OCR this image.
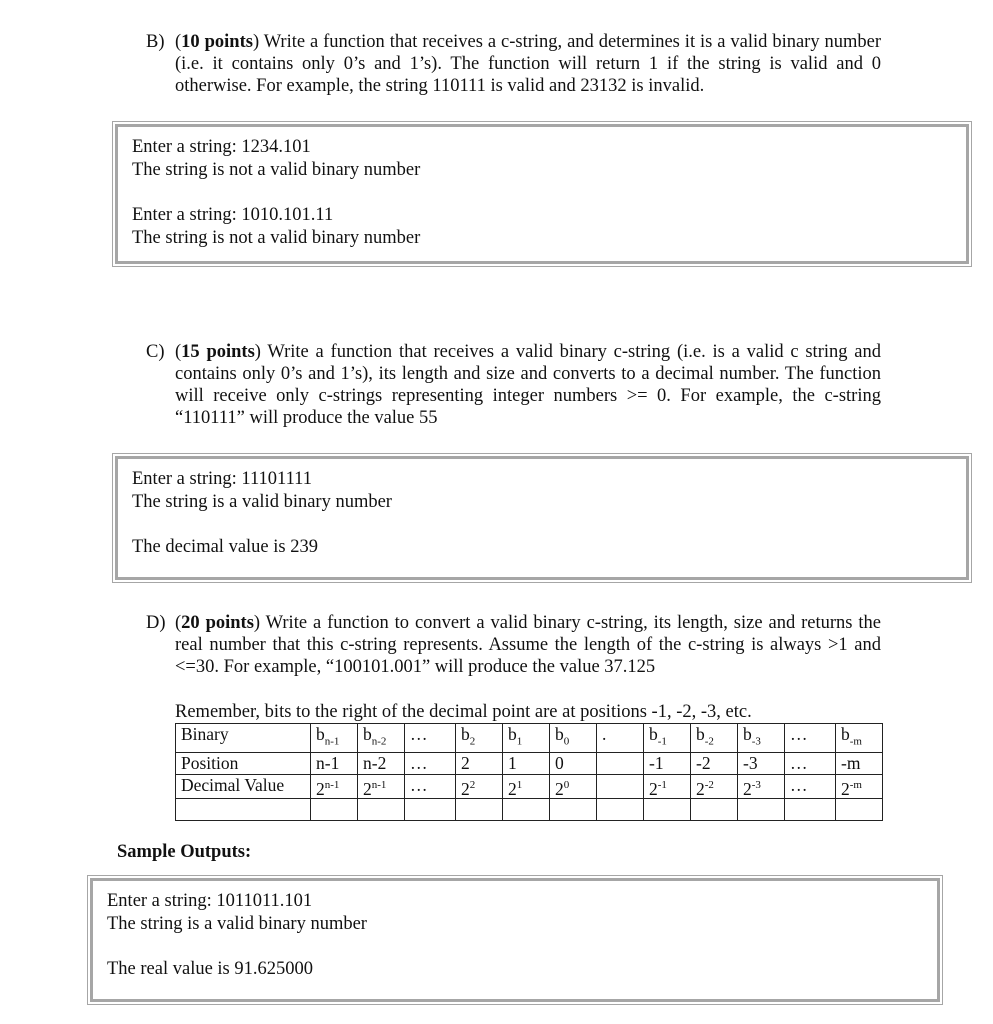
B) (10 points) Write a function that receives a c-string, and determines it is a valid binary number (i.e. it contains only 0’s and 1’s). The function will return 1 if the string is valid and 0 otherwise. For example, the string 110111 is valid and 23132 is invalid.
Enter a string: 1234.101
The string is not a valid binary number
Enter a string: 1010.101.11
The string is not a valid binary number
C) (15 points) Write a function that receives a valid binary c-string (i.e. is a valid c string and contains only 0’s and 1’s), its length and size and converts to a decimal number. The function will receive only c-strings representing integer numbers >= 0. For example, the c-string “110111” will produce the value 55
Enter a string: 11101111
The string is a valid binary number
The decimal value is 239
D) (20 points) Write a function to convert a valid binary c-string, its length, size and returns the real number that this c-string represents. Assume the length of the c-string is always >1 and <=30. For example, “100101.001” will produce the value 37.125
Remember, bits to the right of the decimal point are at positions -1, -2, -3, etc.
Binary	$b_{n-1}$	$b_{n-2}$	…	$b_2$	$b_1$	$b_0$	.	$b_{-1}$	$b_{-2}$	$b_{-3}$	…	$b_{-m}$
Position	n-1	n-2	…	2	1	0		-1	-2	-3	…	-m
Decimal Value	2$^{n-1}$	2$^{n-1}$	…	$2^2$	$2^1$	$2^0$		$2^{-1}$	$2^{-2}$	$2^{-3}$	…	$2^{-m}$

Sample Outputs:
Enter a string: 1011011.101
The string is a valid binary number
The real value is 91.625000
